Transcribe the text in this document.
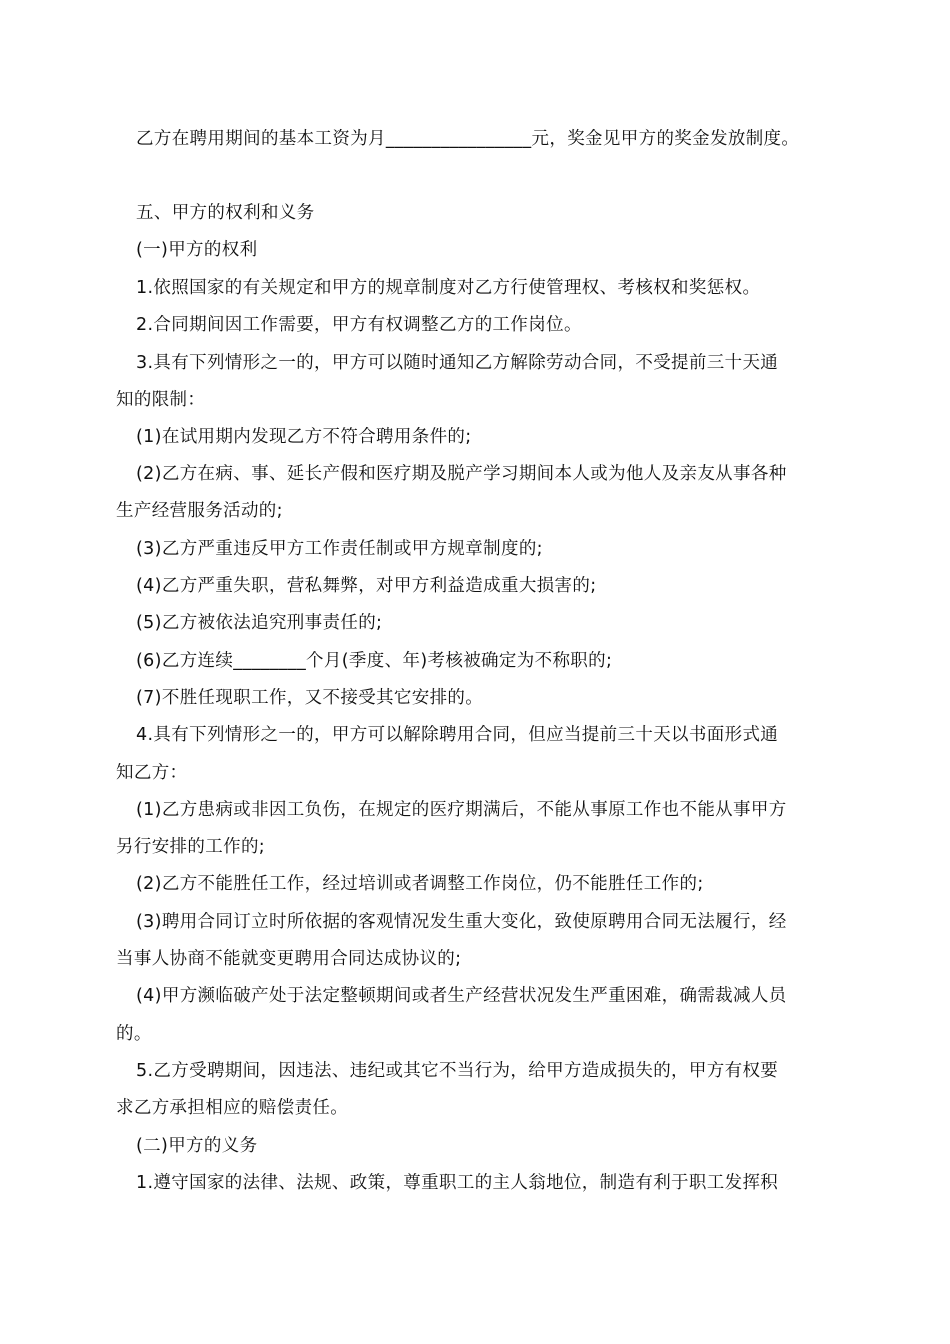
乙方在聘用期间的基本工资为月________________元，奖金见甲方的奖金发放制度。
五、甲方的权利和义务
(一)甲方的权利
1.依照国家的有关规定和甲方的规章制度对乙方行使管理权、考核权和奖惩权。
2.合同期间因工作需要，甲方有权调整乙方的工作岗位。
3.具有下列情形之一的，甲方可以随时通知乙方解除劳动合同，不受提前三十天通
知的限制：
(1)在试用期内发现乙方不符合聘用条件的;
(2)乙方在病、事、延长产假和医疗期及脱产学习期间本人或为他人及亲友从事各种
生产经营服务活动的;
(3)乙方严重违反甲方工作责任制或甲方规章制度的;
(4)乙方严重失职，营私舞弊，对甲方利益造成重大损害的;
(5)乙方被依法追究刑事责任的;
(6)乙方连续________个月(季度、年)考核被确定为不称职的;
(7)不胜任现职工作，又不接受其它安排的。
4.具有下列情形之一的，甲方可以解除聘用合同，但应当提前三十天以书面形式通
知乙方：
(1)乙方患病或非因工负伤，在规定的医疗期满后，不能从事原工作也不能从事甲方
另行安排的工作的;
(2)乙方不能胜任工作，经过培训或者调整工作岗位，仍不能胜任工作的;
(3)聘用合同订立时所依据的客观情况发生重大变化，致使原聘用合同无法履行，经
当事人协商不能就变更聘用合同达成协议的;
(4)甲方濒临破产处于法定整顿期间或者生产经营状况发生严重困难，确需裁减人员
的。
5.乙方受聘期间，因违法、违纪或其它不当行为，给甲方造成损失的，甲方有权要
求乙方承担相应的赔偿责任。
(二)甲方的义务
1.遵守国家的法律、法规、政策，尊重职工的主人翁地位，制造有利于职工发挥积
